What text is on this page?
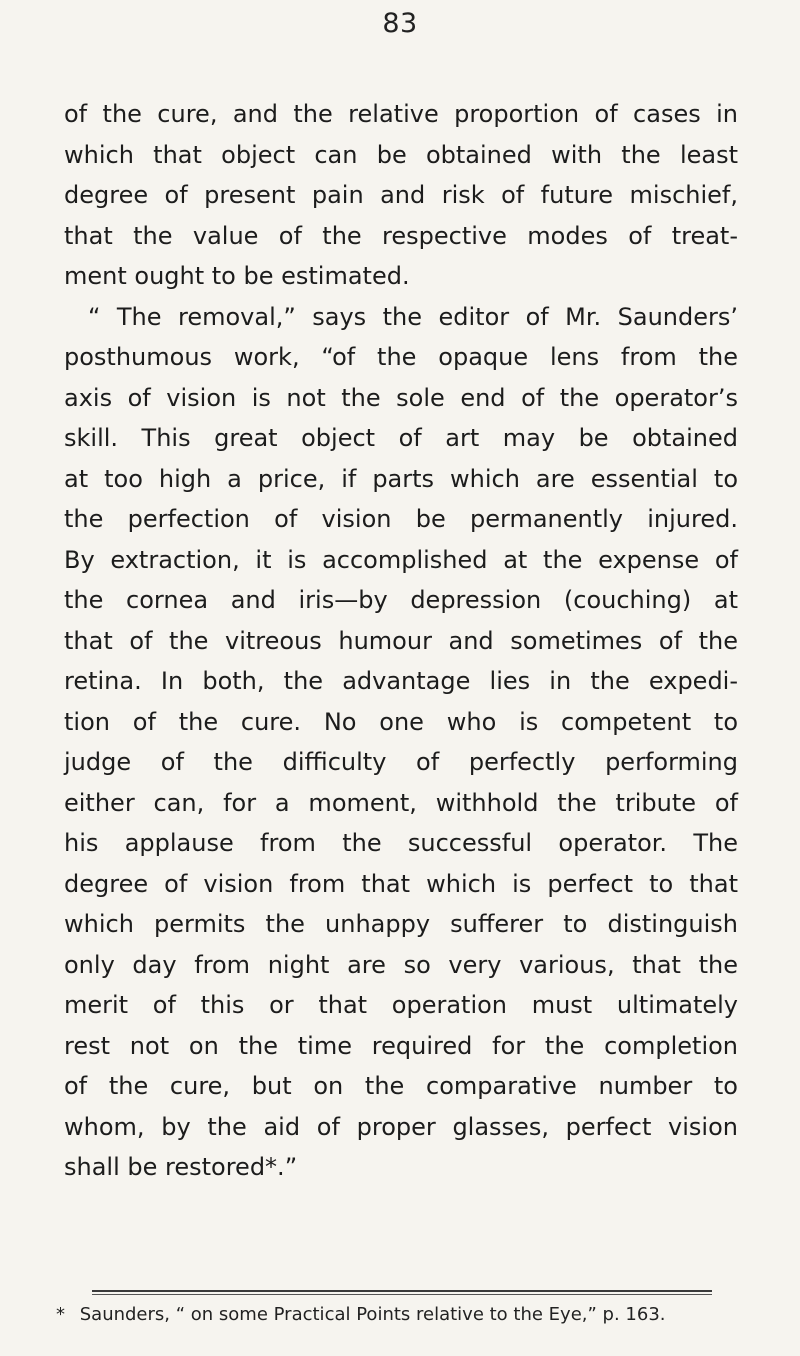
83
of the cure, and the relative proportion of cases in
which that object can be obtained with the least
degree of present pain and risk of future mischief,
that the value of the respective modes of treat-
ment ought to be estimated.
“ The removal,” says the editor of Mr. Saunders’
posthumous work, “of the opaque lens from the
axis of vision is not the sole end of the operator’s
skill. This great object of art may be obtained
at too high a price, if parts which are essential to
the perfection of vision be permanently injured.
By extraction, it is accomplished at the expense of
the cornea and iris—by depression (couching) at
that of the vitreous humour and sometimes of the
retina. In both, the advantage lies in the expedi-
tion of the cure. No one who is competent to
judge of the difficulty of perfectly performing
either can, for a moment, withhold the tribute of
his applause from the successful operator. The
degree of vision from that which is perfect to that
which permits the unhappy sufferer to distinguish
only day from night are so very various, that the
merit of this or that operation must ultimately
rest not on the time required for the completion
of the cure, but on the comparative number to
whom, by the aid of proper glasses, perfect vision
shall be restored*.”
* Saunders, “ on some Practical Points relative to the Eye,” p. 163.
